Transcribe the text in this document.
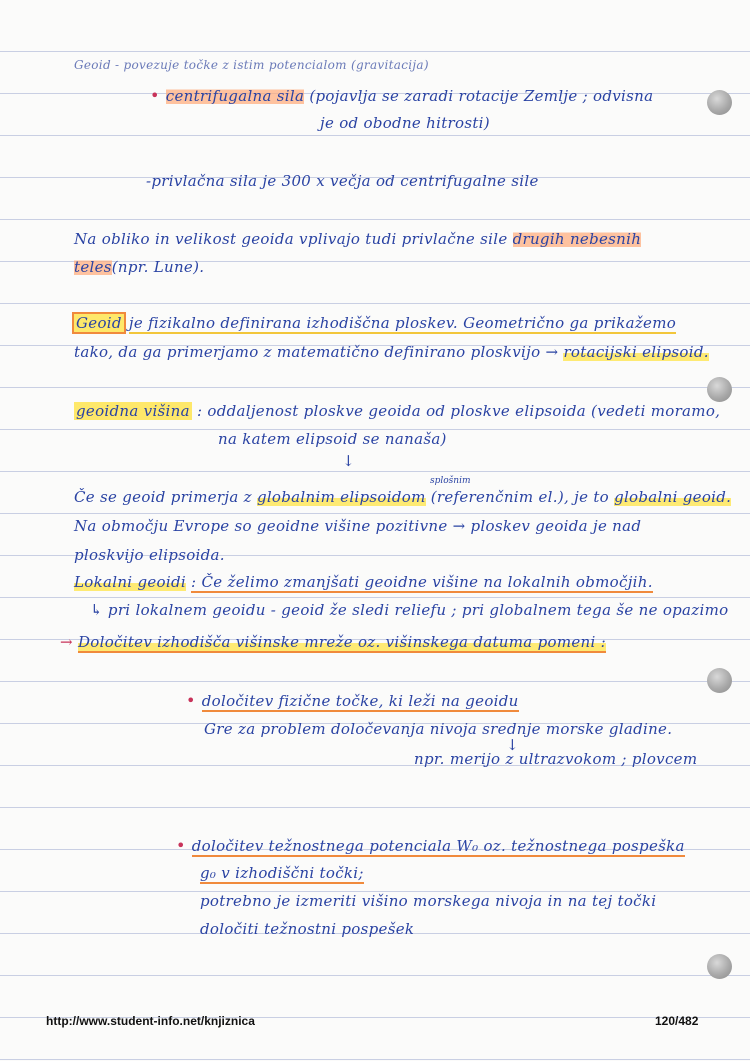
Geoid - povezuje točke z istim potencialom (gravitacija)
• centrifugalna sila (pojavlja se zaradi rotacije Zemlje ; odvisna
je od obodne hitrosti)
-privlačna sila je 300 x večja od centrifugalne sile
Na obliko in velikost geoida vplivajo tudi privlačne sile drugih nebesnih
teles(npr. Lune).
Geoid je fizikalno definirana izhodiščna ploskev. Geometrično ga prikažemo
tako, da ga primerjamo z matematično definirano ploskvijo → rotacijski elipsoid.
geoidna višina : oddaljenost ploskve geoida od ploskve elipsoida (vedeti moramo,
na katem elipsoid se nanaša)
↓
splošnim
Če se geoid primerja z globalnim elipsoidom (referenčnim el.), je to globalni geoid.
Na območju Evrope so geoidne višine pozitivne → ploskev geoida je nad
ploskvijo elipsoida.
Lokalni geoidi : Če želimo zmanjšati geoidne višine na lokalnih območjih.
↳ pri lokalnem geoidu - geoid že sledi reliefu ; pri globalnem tega še ne opazimo
→ Določitev izhodišča višinske mreže oz. višinskega datuma pomeni :
• določitev fizične točke, ki leži na geoidu
Gre za problem določevanja nivoja srednje morske gladine.
↓
npr. merijo z ultrazvokom ; plovcem
• določitev težnostnega potenciala W₀ oz. težnostnega pospeška
g₀ v izhodiščni točki;
potrebno je izmeriti višino morskega nivoja in na tej točki
določiti težnostni pospešek
http://www.student-info.net/knjiznica	120/482
